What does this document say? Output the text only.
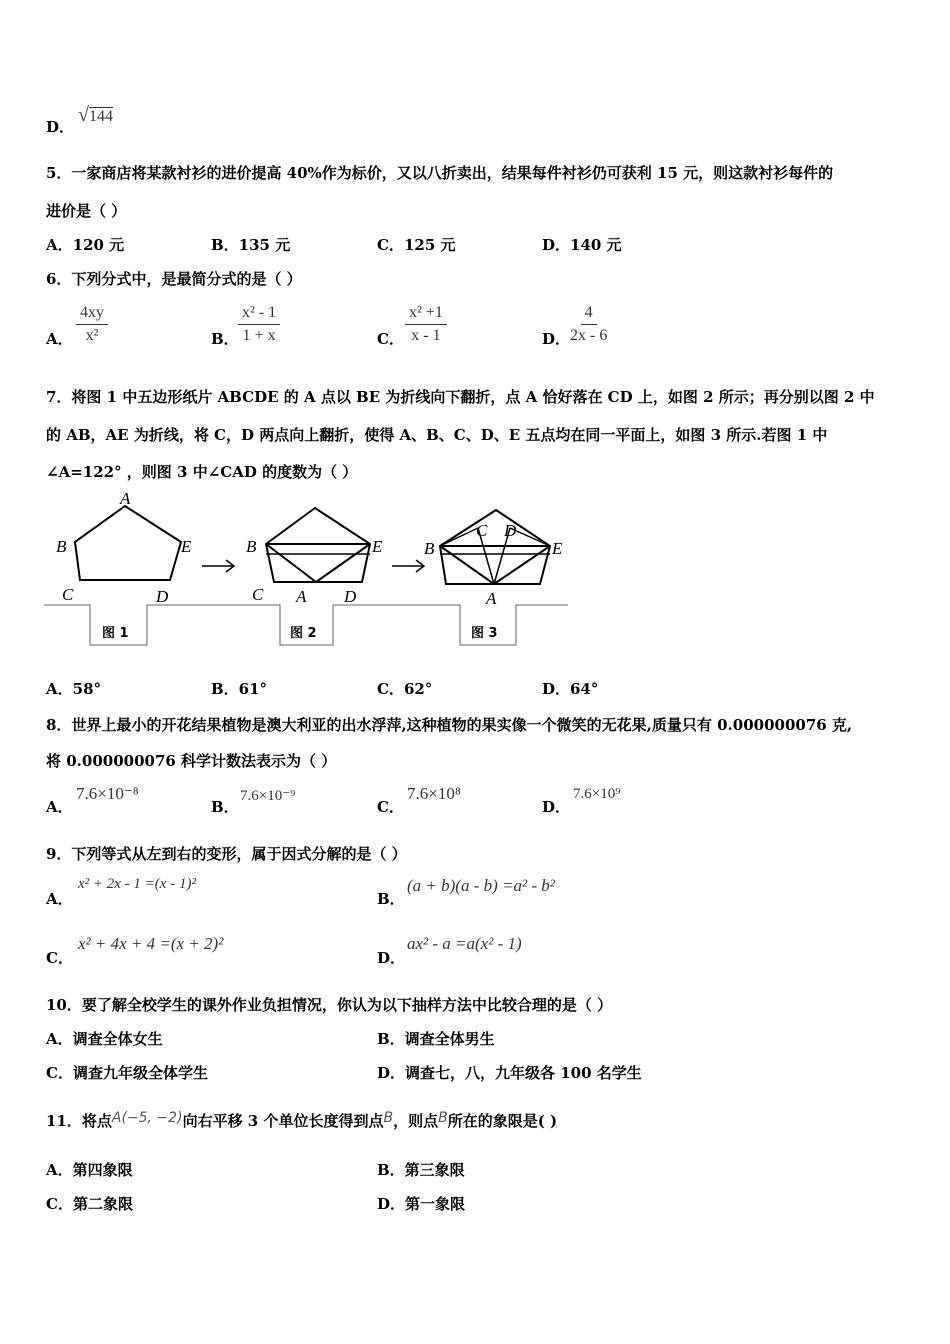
D．
√144
5．一家商店将某款衬衫的进价提高 40%作为标价，又以八折卖出，结果每件衬衫仍可获利 15 元，则这款衬衫每件的
进价是（ ）
A．120 元	B．135 元	C．125 元	D．140 元
6．下列分式中，是最简分式的是（ ）
A． $\frac{4xy}{\text{x²}}$	B． $\frac{\text{x² - 1}}{1 + x}$	C． $\frac{\text{x² +1}}{x - 1}$	D． $\frac{4}{2x - 6}$
7．将图 1 中五边形纸片 ABCDE 的 A 点以 BE 为折线向下翻折，点 A 恰好落在 CD 上，如图 2 所示；再分别以图 2 中
的 AB，AE 为折线，将 C，D 两点向上翻折，使得 A、B、C、D、E 五点均在同一平面上，如图 3 所示.若图 1 中
∠A=122° ，则图 3 中∠CAD 的度数为（ ）
A
B
C	D
E	B	E
C A D
B	E
C D
A
图 1	图 2	图 3
A．58°	B．61°	C．62°	D．64°
8．世界上最小的开花结果植物是澳大利亚的出水浮萍,这种植物的果实像一个微笑的无花果,质量只有 0.000000076 克,
将 0.000000076 科学计数法表示为（ ）
A．
7.6×10⁻⁸
B．
7.6×10⁻⁹
C．
7.6×10⁸
D．
7.6×10⁹
9．下列等式从左到右的变形，属于因式分解的是（ ）
A．
x² + 2x - 1 =(x - 1)²
B．
(a + b)(a - b) =a² - b²
C．
x² + 4x + 4 =(x + 2)²
D．
ax² - a =a(x² - 1)
10．要了解全校学生的课外作业负担情况，你认为以下抽样方法中比较合理的是（ ）
A．调查全体女生	B．调查全体男生
C．调查九年级全体学生	D．调查七，八，九年级各 100 名学生
11．将点A(−5, −2)向右平移 3 个单位长度得到点B，则点B所在的象限是( )
A．第四象限	B．第三象限
C．第二象限	D．第一象限
